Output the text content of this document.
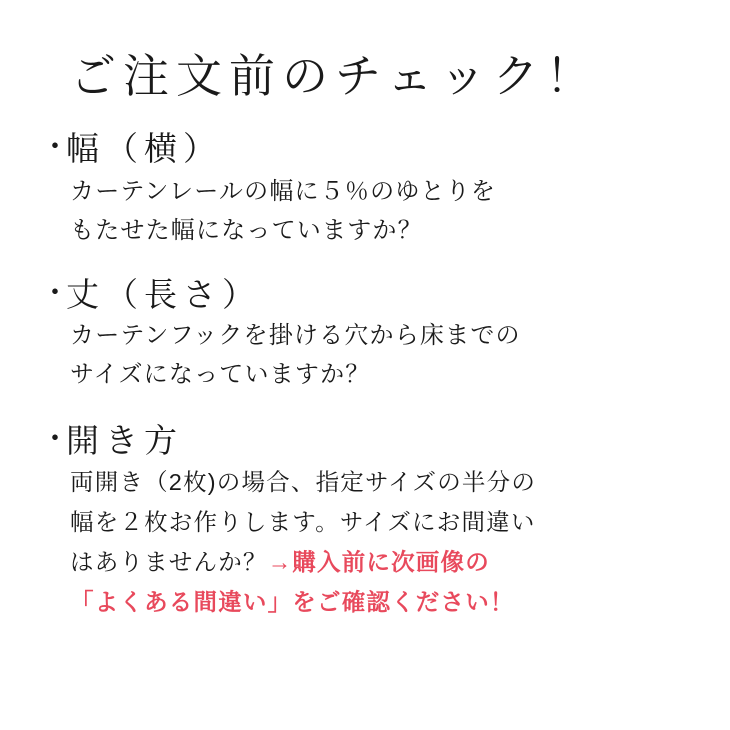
ご注文前のチェック！
・
幅（横）
カーテンレールの幅に５％のゆとりを
もたせた幅になっていますか？
・
丈（長さ）
カーテンフックを掛ける穴から床までの
サイズになっていますか？
・
開き方
両開き（2枚)の場合、指定サイズの半分の
幅を２枚お作りします。サイズにお間違い
はありませんか？→購入前に次画像の
「よくある間違い」をご確認ください！
